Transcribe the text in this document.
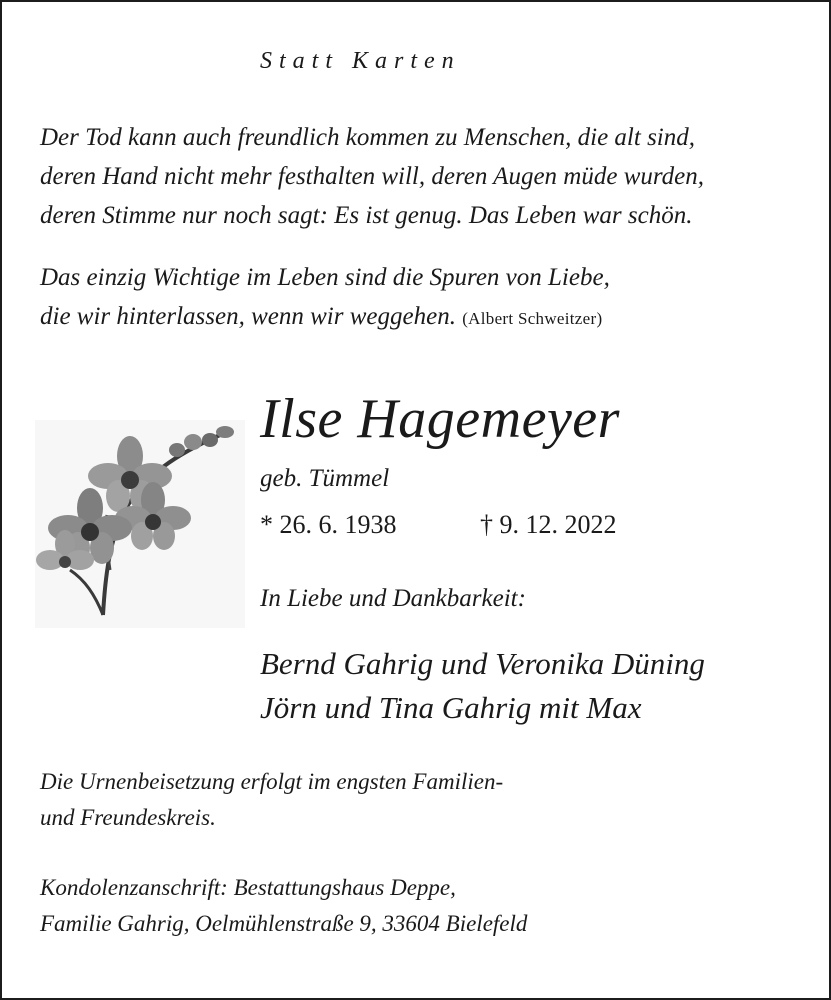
Statt Karten
Der Tod kann auch freundlich kommen zu Menschen, die alt sind,
deren Hand nicht mehr festhalten will, deren Augen müde wurden,
deren Stimme nur noch sagt: Es ist genug. Das Leben war schön.
Das einzig Wichtige im Leben sind die Spuren von Liebe,
die wir hinterlassen, wenn wir weggehen. (Albert Schweitzer)
Ilse Hagemeyer
geb. Tümmel
* 26. 6. 1938	† 9. 12. 2022
In Liebe und Dankbarkeit:
Bernd Gahrig und Veronika Düning
Jörn und Tina Gahrig mit Max
Die Urnenbeisetzung erfolgt im engsten Familien-
und Freundeskreis.
Kondolenzanschrift: Bestattungshaus Deppe,
Familie Gahrig, Oelmühlenstraße 9, 33604 Bielefeld
